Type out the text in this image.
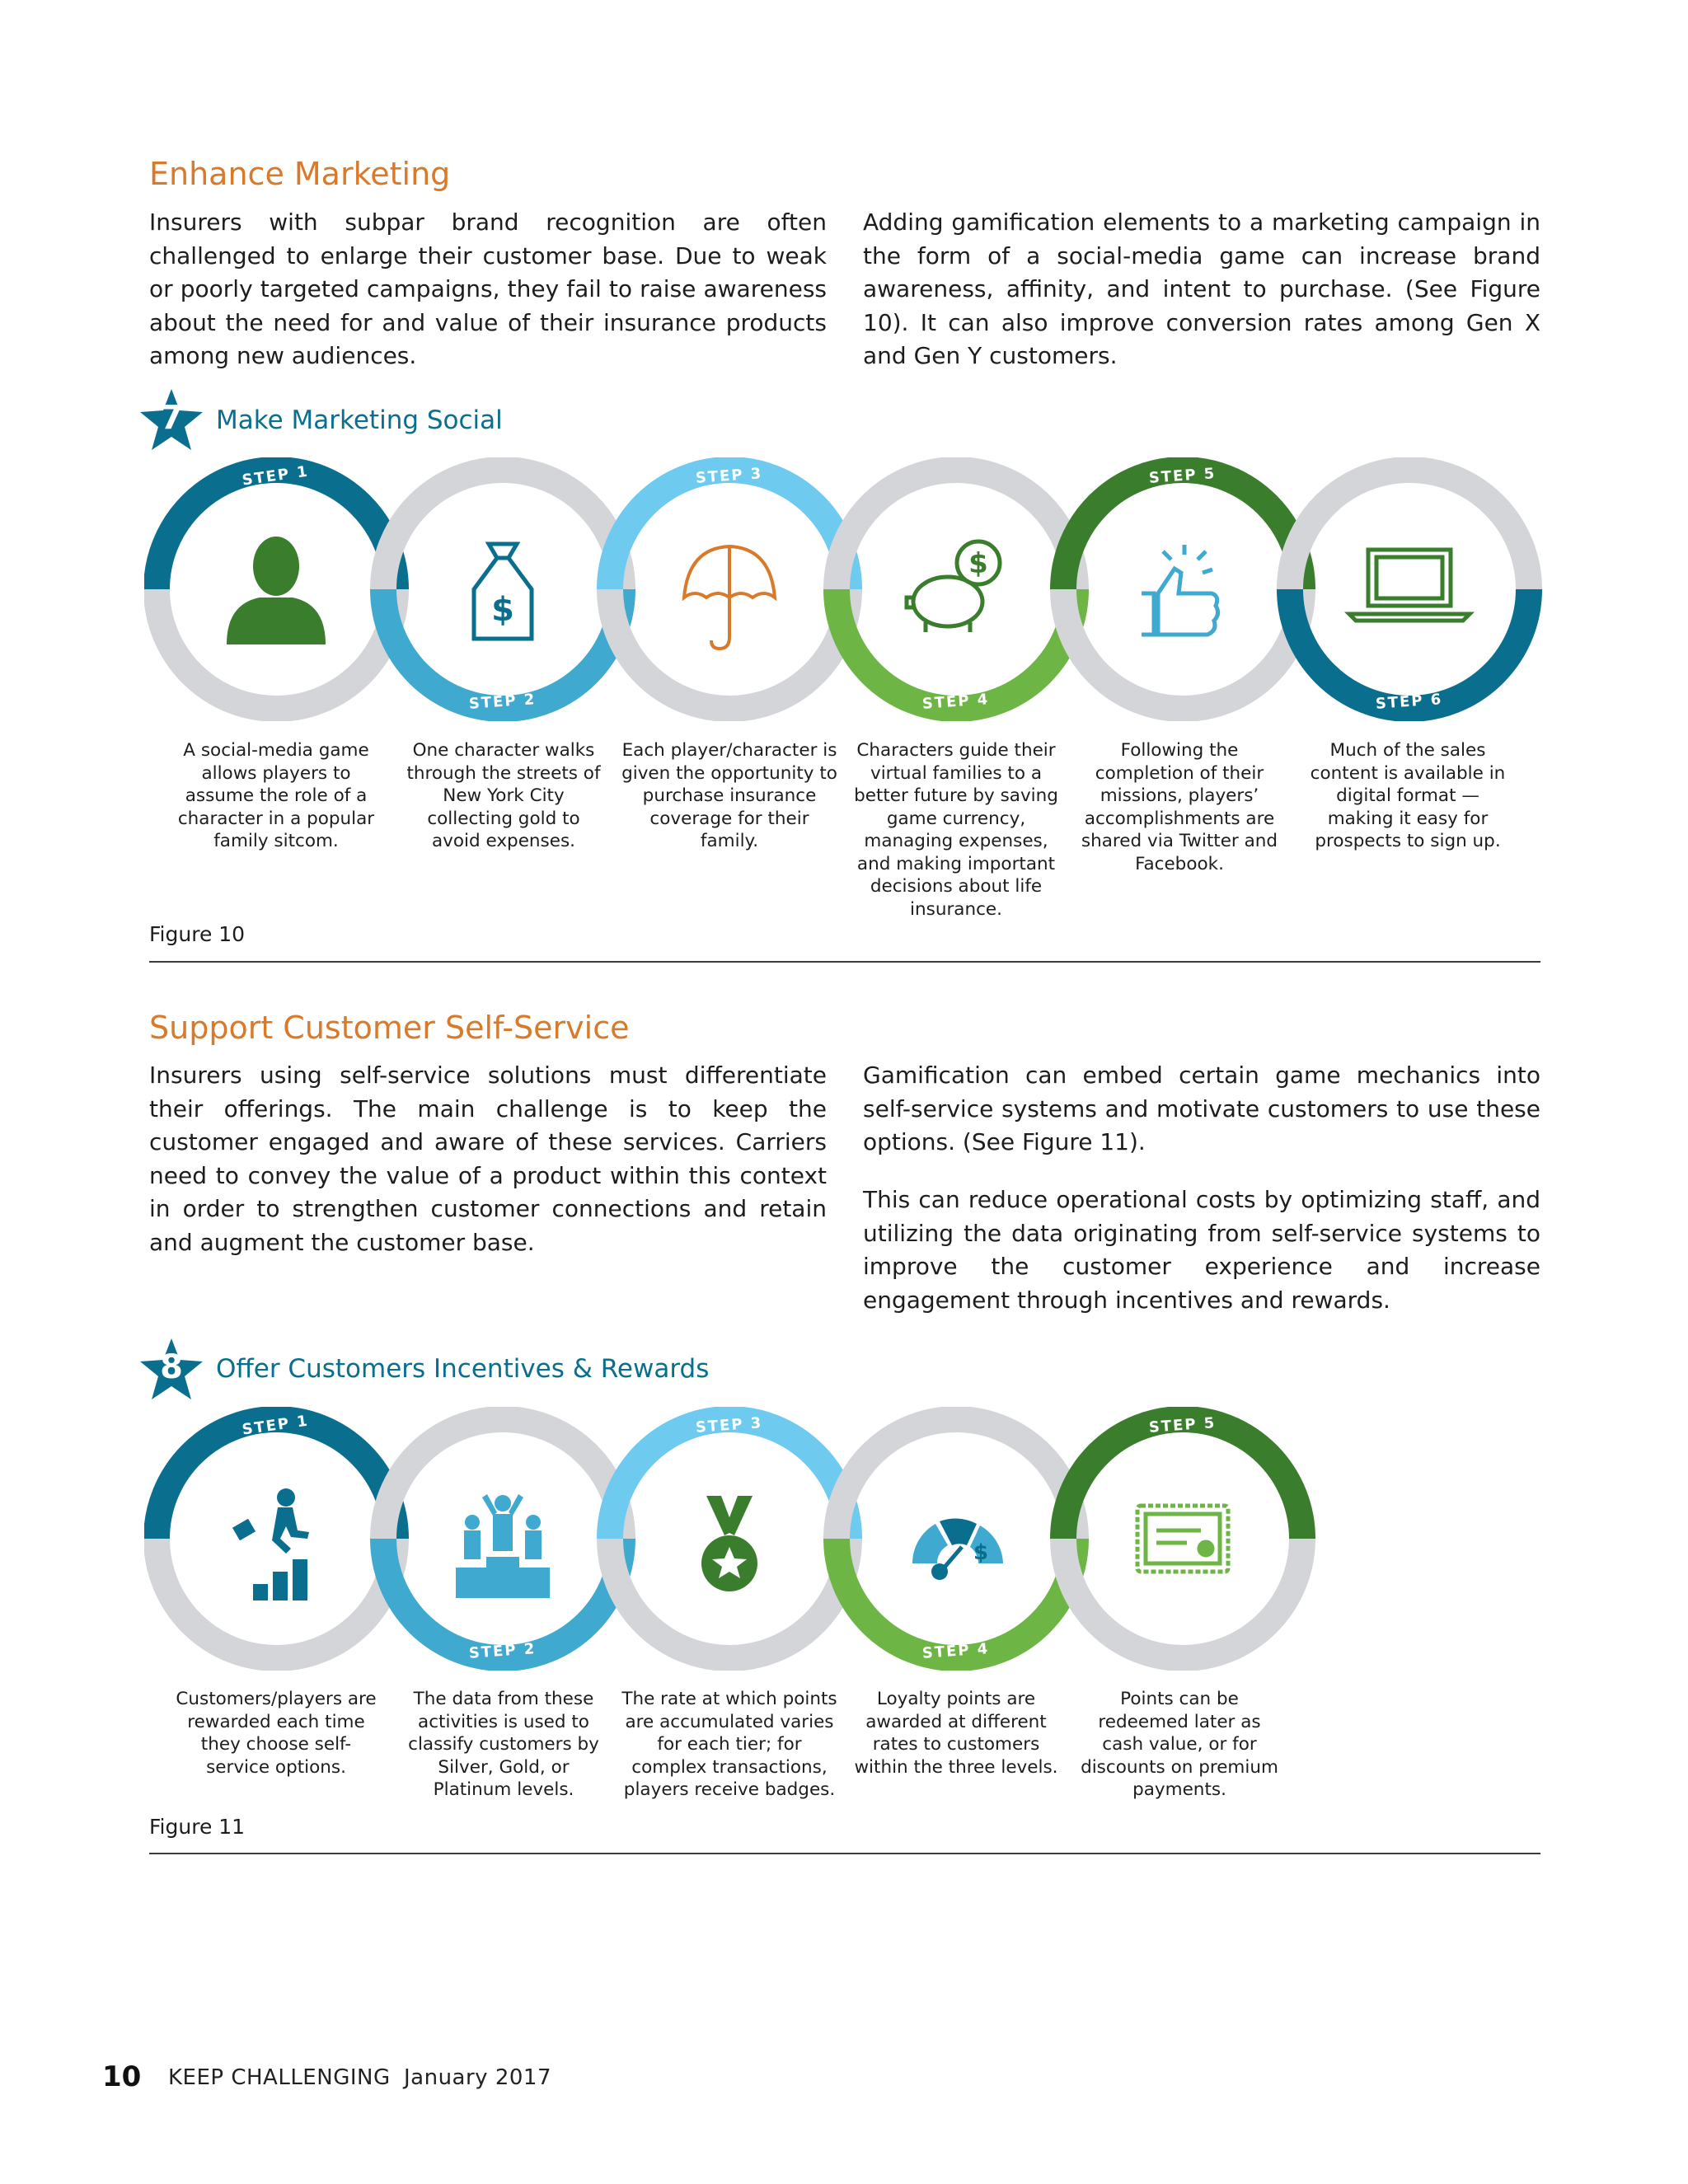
Enhance Marketing

Insurers with subpar brand recognition are often challenged to enlarge their customer base. Due to weak or poorly targeted campaigns, they fail to raise awareness about the need for and value of their insurance products among new audiences.

Adding gamification elements to a marketing campaign in the form of a social-media game can increase brand awareness, affinity, and intent to purchase. (See Figure 10). It can also improve conversion rates among Gen X and Gen Y customers.

7	Make Marketing Social
STEP 1
STEP 2
STEP 3
STEP 4
STEP 5
STEP 6
$
$
A social-media game allows players to assume the role of a character in a popular family sitcom.
One character walks through the streets of New York City collecting gold to avoid expenses.
Each player/character is given the opportunity to purchase insurance coverage for their family.
Characters guide their virtual families to a better future by saving game currency, managing expenses, and making important decisions about life insurance.
Following the completion of their missions, players’ accomplishments are shared via Twitter and Facebook.
Much of the sales content is available in digital format — making it easy for prospects to sign up.
Figure 10
Support Customer Self-Service

Insurers using self-service solutions must differentiate their offerings. The main challenge is to keep the customer engaged and aware of these services. Carriers need to convey the value of a product within this context in order to strengthen customer connections and retain and augment the customer base.

Gamification can embed certain game mechanics into self-service systems and motivate customers to use these options. (See Figure 11).

This can reduce operational costs by optimizing staff, and utilizing the data originating from self-service systems to improve the customer experience and increase engagement through incentives and rewards.

8	Offer Customers Incentives & Rewards
STEP 1
STEP 2
STEP 3
STEP 4
STEP 5
$
Customers/players are rewarded each time they choose self-service options.
The data from these activities is used to classify customers by Silver, Gold, or Platinum levels.
The rate at which points are accumulated varies for each tier; for complex transactions, players receive badges.
Loyalty points are awarded at different rates to customers within the three levels.
Points can be redeemed later as cash value, or for discounts on premium payments.
Figure 11
10 KEEP CHALLENGING January 2017
